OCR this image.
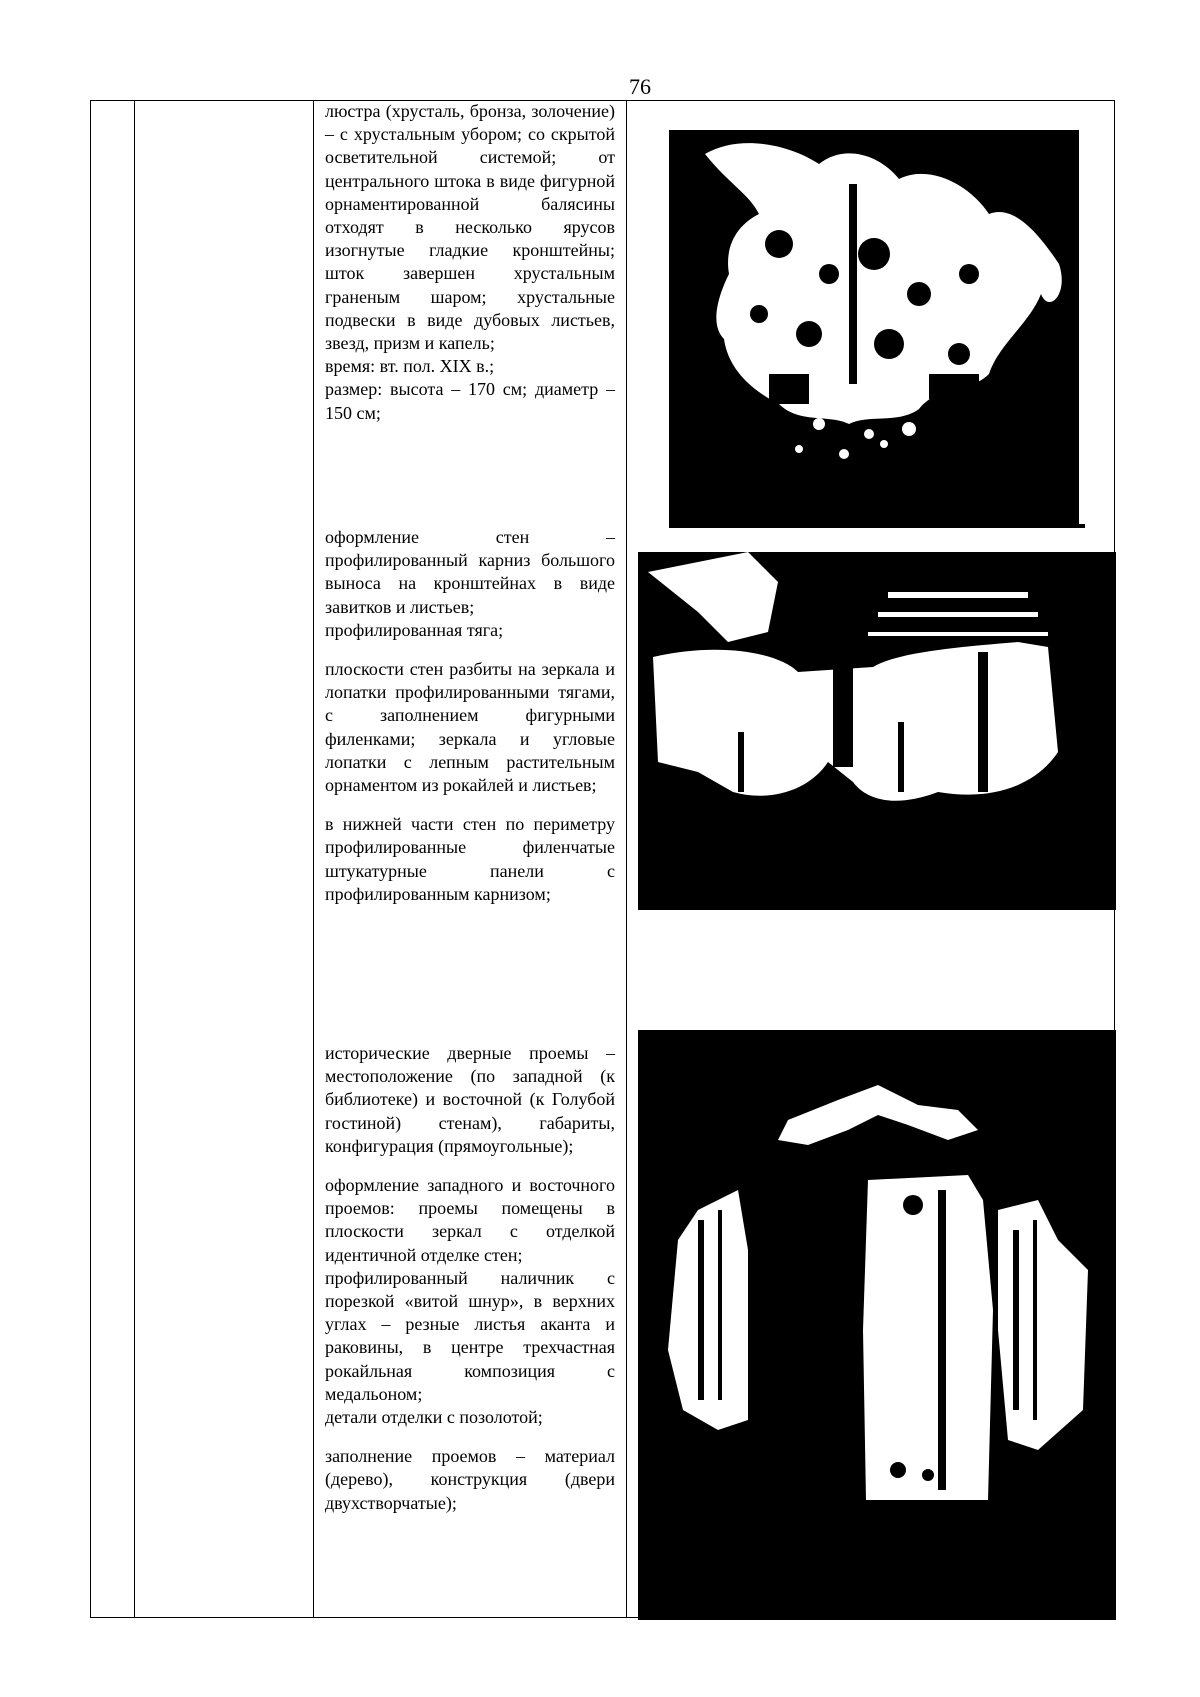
76

люстра (хрусталь, бронза, золочение) – с хрустальным убором; со скрытой осветительной системой; от центрального штока в виде фигурной орнаментированной балясины отходят в несколько ярусов изогнутые гладкие кронштейны; шток завершен хрустальным граненым шаром; хрустальные подвески в виде дубовых листьев, звезд, призм и капель;

время: вт. пол. XIX в.;

размер: высота – 170 см; диаметр – 150 см;

оформление стен – профилированный карниз большого выноса на кронштейнах в виде завитков и листьев;

профилированная тяга;

плоскости стен разбиты на зеркала и лопатки профилированными тягами, с заполнением фигурными филенками; зеркала и угловые лопатки с лепным растительным орнаментом из рокайлей и листьев;

в нижней части стен по периметру профилированные филенчатые штукатурные панели с профилированным карнизом;

исторические дверные проемы – местоположение (по западной (к библиотеке) и восточной (к Голубой гостиной) стенам), габариты, конфигурация (прямоугольные);

оформление западного и восточного проемов: проемы помещены в плоскости зеркал с отделкой идентичной отделке стен;

профилированный наличник с порезкой «витой шнур», в верхних углах – резные листья аканта и раковины, в центре трехчастная рокайльная композиция с медальоном;

детали отделки с позолотой;

заполнение проемов – материал (дерево), конструкция (двери двухстворчатые);
